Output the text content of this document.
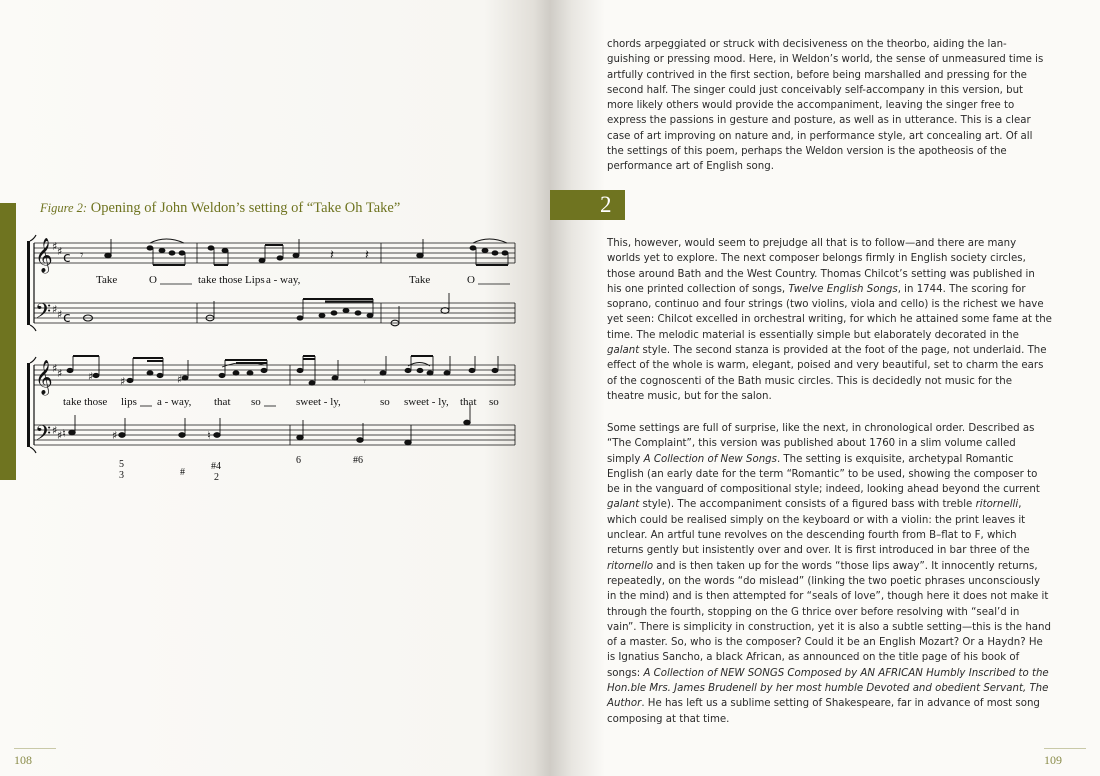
Figure 2: Opening of John Weldon’s setting of “Take Oh Take”
𝄞
𝄢
𝄞
𝄢
♯ ♯
♯ ♯
♯ ♯
♯ ♯
c
c
𝄾	𝄽 𝄽
Take	O	take those Lips a - way,	Take	O
♯ ♯	♯	𝄾
♮	♯	♮
take those lips a - way, that so	sweet - ly,	so sweet - ly, that so
5
3	#
#4
2
6	#6
108

chords arpeggiated or struck with decisiveness on the theorbo, aiding the lan- guishing or pressing mood. Here, in Weldon’s world, the sense of unmeasured time is artfully contrived in the first section, before being marshalled and pressing for the second half. The singer could just conceivably self-accompany in this version, but more likely others would provide the accompaniment, leaving the singer free to express the passions in gesture and posture, as well as in utterance. This is a clear case of art improving on nature and, in performance style, art concealing art. Of all the settings of this poem, perhaps the Weldon version is the apotheosis of the performance art of English song.

2

This, however, would seem to prejudge all that is to follow—and there are many worlds yet to explore. The next composer belongs firmly in English society circles, those around Bath and the West Country. Thomas Chilcot’s setting was published in his one printed collection of songs, Twelve English Songs, in 1744. The scoring for soprano, continuo and four strings (two violins, viola and cello) is the richest we have yet seen: Chilcot excelled in orchestral writing, for which he attained some fame at the time. The melodic material is essentially simple but elaborately decorated in the galant style. The second stanza is provided at the foot of the page, not underlaid. The effect of the whole is warm, elegant, poised and very beautiful, set to charm the ears of the cognoscenti of the Bath music circles. This is decidedly not music for the theatre music, but for the salon.

Some settings are full of surprise, like the next, in chronological order. Described as “The Complaint”, this version was published about 1760 in a slim volume called simply A Collection of New Songs. The setting is exquisite, archetypal Romantic English (an early date for the term “Romantic” to be used, showing the composer to be in the vanguard of compositional style; indeed, looking ahead beyond the current galant style). The accompaniment consists of a figured bass with treble ritornelli, which could be realised simply on the keyboard or with a violin: the print leaves it unclear. An artful tune revolves on the descending fourth from B–flat to F, which returns gently but insistently over and over. It is first introduced in bar three of the ritornello and is then taken up for the words “those lips away”. It innocently returns, repeatedly, on the words “do mislead” (linking the two poetic phrases unconsciously in the mind) and is then attempted for “seals of love”, though here it does not make it through the fourth, stopping on the G thrice over before resolving with “seal’d in vain”. There is simplicity in construction, yet it is also a subtle setting—this is the hand of a master. So, who is the composer? Could it be an English Mozart? Or a Haydn? He is Ignatius Sancho, a black African, as announced on the title page of his book of songs: A Collection of NEW SONGS Composed by AN AFRICAN Humbly Inscribed to the Hon.ble Mrs. James Brudenell by her most humble Devoted and obedient Servant, The Author. He has left us a sublime setting of Shakespeare, far in advance of most song composing at that time.

109
